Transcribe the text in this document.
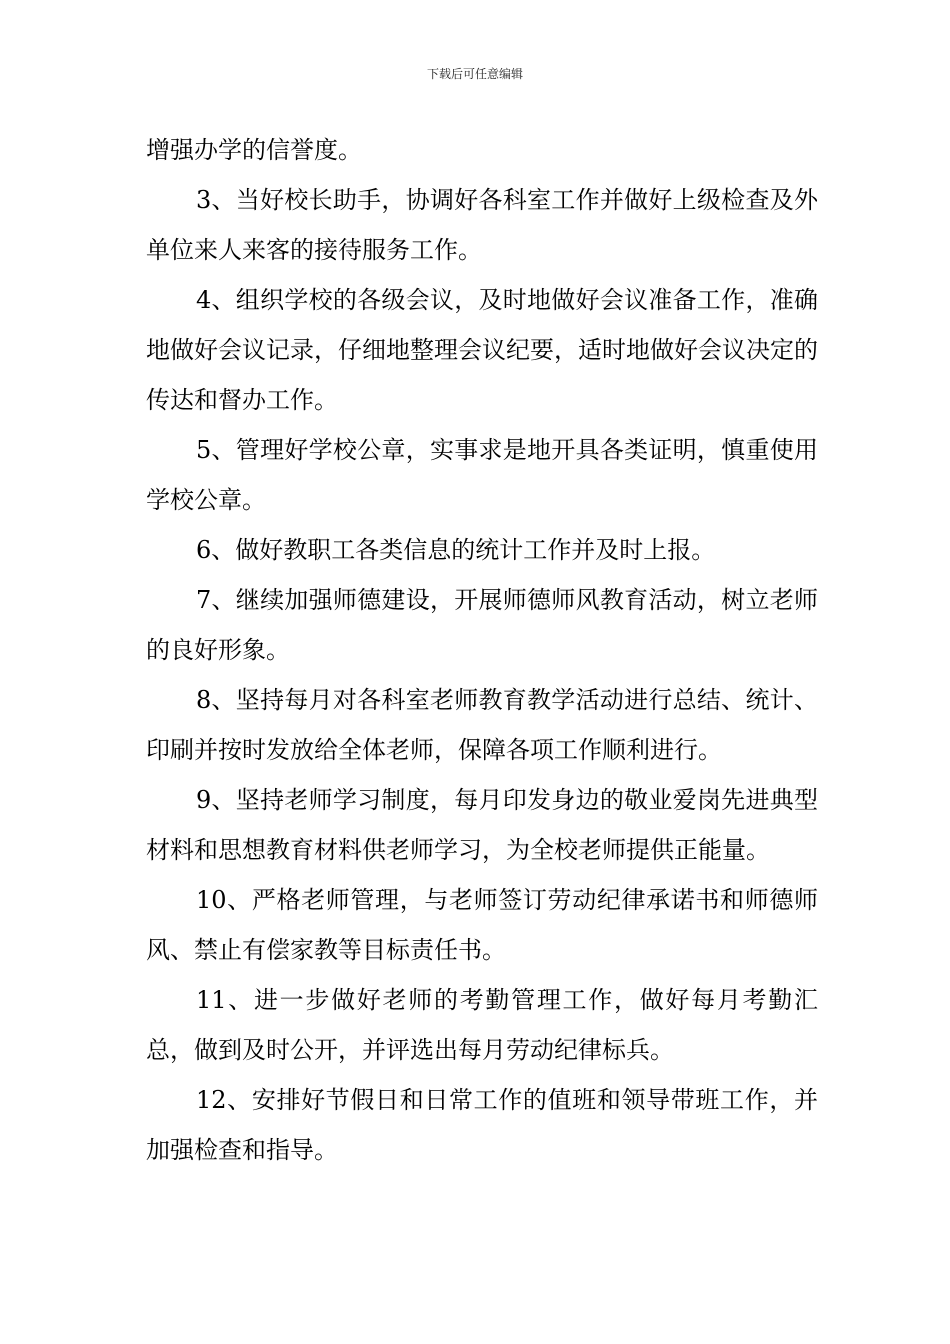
下载后可任意编辑

增强办学的信誉度。

3、当好校长助手，协调好各科室工作并做好上级检查及外单位来人来客的接待服务工作。

4、组织学校的各级会议，及时地做好会议准备工作，准确地做好会议记录，仔细地整理会议纪要，适时地做好会议决定的传达和督办工作。

5、管理好学校公章，实事求是地开具各类证明，慎重使用学校公章。

6、做好教职工各类信息的统计工作并及时上报。

7、继续加强师德建设，开展师德师风教育活动，树立老师的良好形象。

8、坚持每月对各科室老师教育教学活动进行总结、统计、印刷并按时发放给全体老师，保障各项工作顺利进行。

9、坚持老师学习制度，每月印发身边的敬业爱岗先进典型材料和思想教育材料供老师学习，为全校老师提供正能量。

10、严格老师管理，与老师签订劳动纪律承诺书和师德师风、禁止有偿家教等目标责任书。

11、进一步做好老师的考勤管理工作，做好每月考勤汇总，做到及时公开，并评选出每月劳动纪律标兵。

12、安排好节假日和日常工作的值班和领导带班工作，并加强检查和指导。
